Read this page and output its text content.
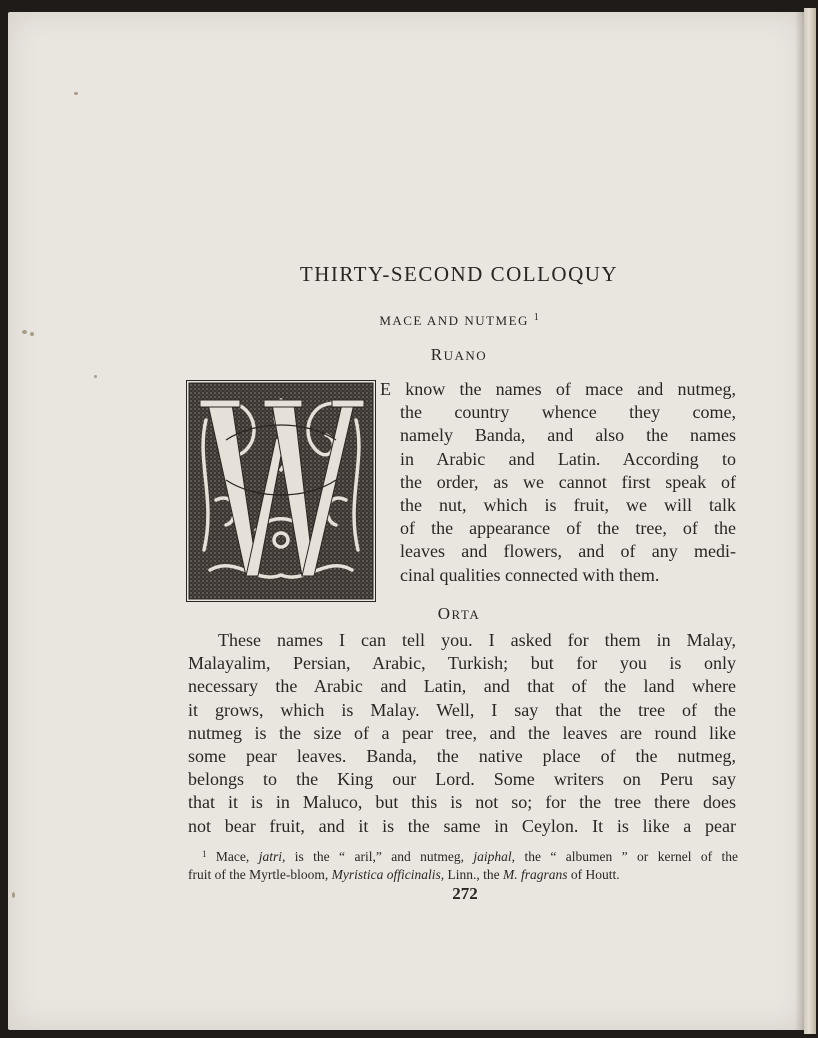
THIRTY-SECOND COLLOQUY
MACE AND NUTMEG $^1$
RUANO
E know the names of mace and nutmeg,
the country whence they come,
namely Banda, and also the names
in Arabic and Latin. According to
the order, as we cannot first speak of
the nut, which is fruit, we will talk
of the appearance of the tree, of the
leaves and flowers, and of any medi-
cinal qualities connected with them.
ORTA
These names I can tell you. I asked for them in Malay,
Malayalim, Persian, Arabic, Turkish; but for you is only
necessary the Arabic and Latin, and that of the land where
it grows, which is Malay. Well, I say that the tree of the
nutmeg is the size of a pear tree, and the leaves are round like
some pear leaves. Banda, the native place of the nutmeg,
belongs to the King our Lord. Some writers on Peru say
that it is in Maluco, but this is not so; for the tree there does
not bear fruit, and it is the same in Ceylon. It is like a pear
$^1$ Mace, jatri, is the “ aril,” and nutmeg, jaiphal, the “ albumen ” or kernel of the
fruit of the Myrtle-bloom, Myristica officinalis, Linn., the M. fragrans of Houtt.
272
